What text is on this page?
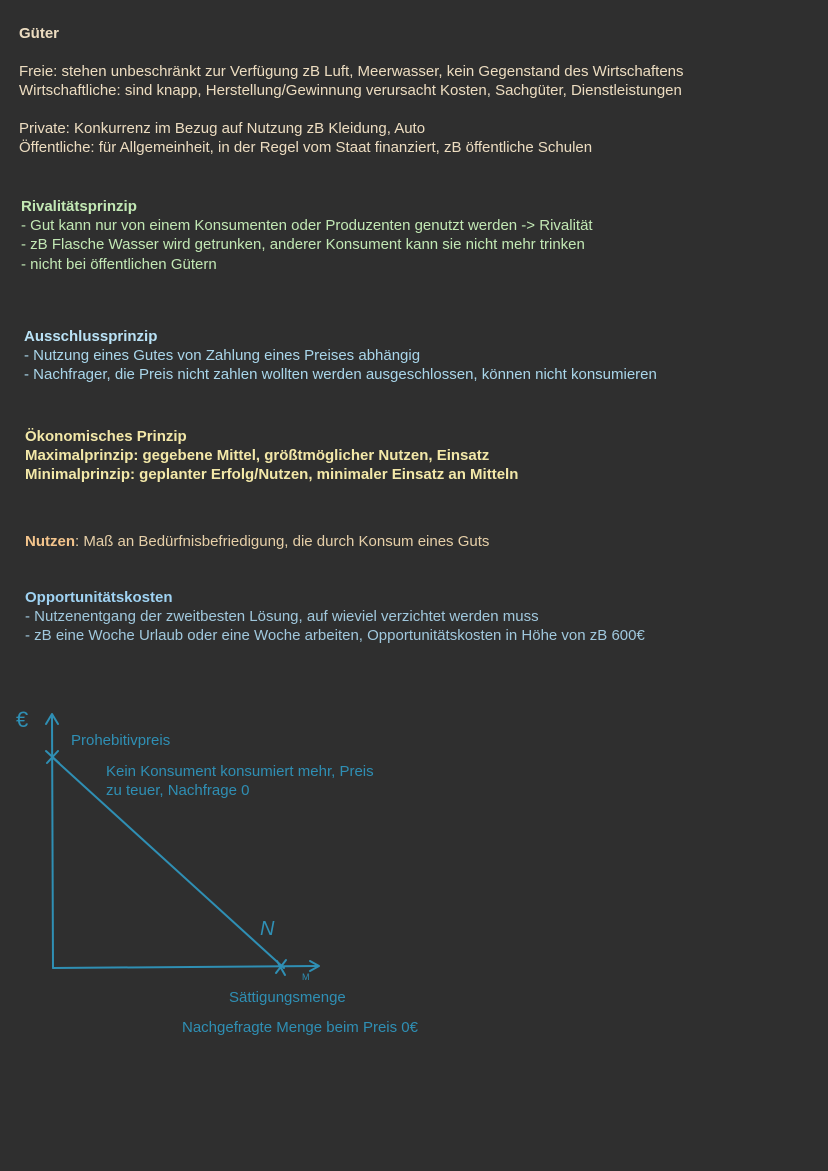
Güter
Freie: stehen unbeschränkt zur Verfügung zB Luft, Meerwasser, kein Gegenstand des Wirtschaftens
Wirtschaftliche: sind knapp, Herstellung/Gewinnung verursacht Kosten, Sachgüter, Dienstleistungen
Private: Konkurrenz im Bezug auf Nutzung zB Kleidung, Auto
Öffentliche: für Allgemeinheit, in der Regel vom Staat finanziert, zB öffentliche Schulen
Rivalitätsprinzip
- Gut kann nur von einem Konsumenten oder Produzenten genutzt werden -> Rivalität
- zB Flasche Wasser wird getrunken, anderer Konsument kann sie nicht mehr trinken
- nicht bei öffentlichen Gütern
Ausschlussprinzip
- Nutzung eines Gutes von Zahlung eines Preises abhängig
- Nachfrager, die Preis nicht zahlen wollten werden ausgeschlossen, können nicht konsumieren
Ökonomisches Prinzip
Maximalprinzip: gegebene Mittel, größtmöglicher Nutzen, Einsatz
Minimalprinzip: geplanter Erfolg/Nutzen, minimaler Einsatz an Mitteln
Nutzen: Maß an Bedürfnisbefriedigung, die durch Konsum eines Guts
Opportunitätskosten
- Nutzenentgang der zweitbesten Lösung, auf wieviel verzichtet werden muss
- zB eine Woche Urlaub oder eine Woche arbeiten, Opportunitätskosten in Höhe von zB 600€
€
M
N
Prohebitivpreis
Kein Konsument konsumiert mehr, Preis
zu teuer, Nachfrage 0
Sättigungsmenge
Nachgefragte Menge beim Preis 0€
